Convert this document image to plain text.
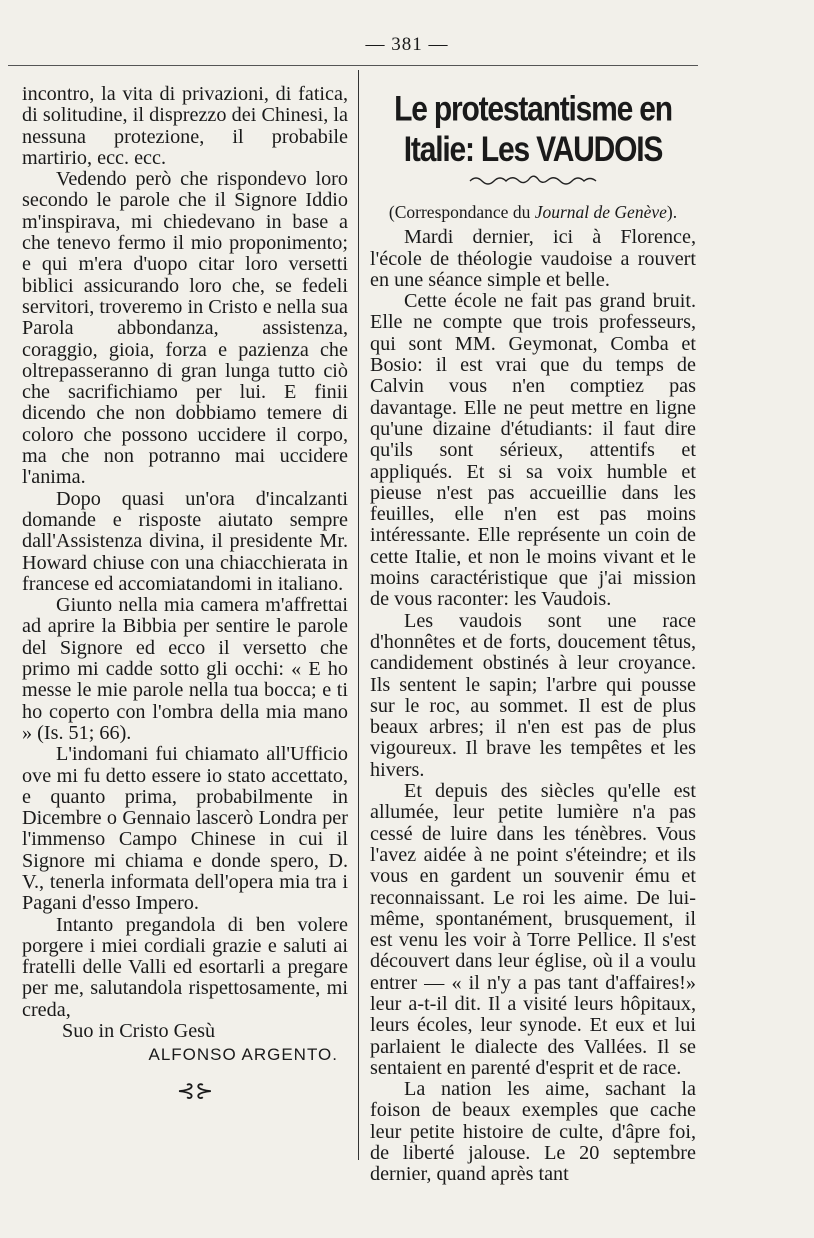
— 381 —

incontro, la vita di privazioni, di fatica, di solitudine, il disprezzo dei Chinesi, la nessuna protezione, il probabile martirio, ecc. ecc.

Vedendo però che rispondevo loro secondo le parole che il Signore Iddio m'inspirava, mi chiedevano in base a che tenevo fermo il mio proponimento; e qui m'era d'uopo citar loro versetti biblici assicurando loro che, se fedeli servitori, troveremo in Cristo e nella sua Parola abbondanza, assistenza, coraggio, gioia, forza e pazienza che oltrepasseranno di gran lunga tutto ciò che sacrifichiamo per lui. E finii dicendo che non dobbiamo temere di coloro che possono uccidere il corpo, ma che non potranno mai uccidere l'anima.

Dopo quasi un'ora d'incalzanti domande e risposte aiutato sempre dall'Assistenza divina, il presidente Mr. Howard chiuse con una chiacchierata in francese ed accomiatandomi in italiano.

Giunto nella mia camera m'affrettai ad aprire la Bibbia per sentire le parole del Signore ed ecco il versetto che primo mi cadde sotto gli occhi: « E ho messe le mie parole nella tua bocca; e ti ho coperto con l'ombra della mia mano » (Is. 51; 66).

L'indomani fui chiamato all'Ufficio ove mi fu detto essere io stato accettato, e quanto prima, probabilmente in Dicembre o Gennaio lascerò Londra per l'immenso Campo Chinese in cui il Signore mi chiama e donde spero, D. V., tenerla informata dell'opera mia tra i Pagani d'esso Impero.

Intanto pregandola di ben volere porgere i miei cordiali grazie e saluti ai fratelli delle Valli ed esortarli a pregare per me, salutandola rispettosamente, mi creda,

Suo in Cristo Gesù

ALFONSO ARGENTO.

⊰⊱
Le protestantisme en Italie: Les VAUDOIS
(Correspondance du Journal de Genève).

Mardi dernier, ici à Florence, l'école de théologie vaudoise a rouvert en une séance simple et belle.

Cette école ne fait pas grand bruit. Elle ne compte que trois professeurs, qui sont MM. Geymonat, Comba et Bosio: il est vrai que du temps de Calvin vous n'en comptiez pas davantage. Elle ne peut mettre en ligne qu'une dizaine d'étudiants: il faut dire qu'ils sont sérieux, attentifs et appliqués. Et si sa voix humble et pieuse n'est pas accueillie dans les feuilles, elle n'en est pas moins intéressante. Elle représente un coin de cette Italie, et non le moins vivant et le moins caractéristique que j'ai mission de vous raconter: les Vaudois.

Les vaudois sont une race d'honnêtes et de forts, doucement têtus, candidement obstinés à leur croyance. Ils sentent le sapin; l'arbre qui pousse sur le roc, au sommet. Il est de plus beaux arbres; il n'en est pas de plus vigoureux. Il brave les tempêtes et les hivers.

Et depuis des siècles qu'elle est allumée, leur petite lumière n'a pas cessé de luire dans les ténèbres. Vous l'avez aidée à ne point s'éteindre; et ils vous en gardent un souvenir ému et reconnaissant. Le roi les aime. De lui-même, spontanément, brusquement, il est venu les voir à Torre Pellice. Il s'est découvert dans leur église, où il a voulu entrer — « il n'y a pas tant d'affaires!» leur a-t-il dit. Il a visité leurs hôpitaux, leurs écoles, leur synode. Et eux et lui parlaient le dialecte des Vallées. Il se sentaient en parenté d'esprit et de race.

La nation les aime, sachant la foison de beaux exemples que cache leur petite histoire de culte, d'âpre foi, de liberté jalouse. Le 20 septembre dernier, quand après tant
